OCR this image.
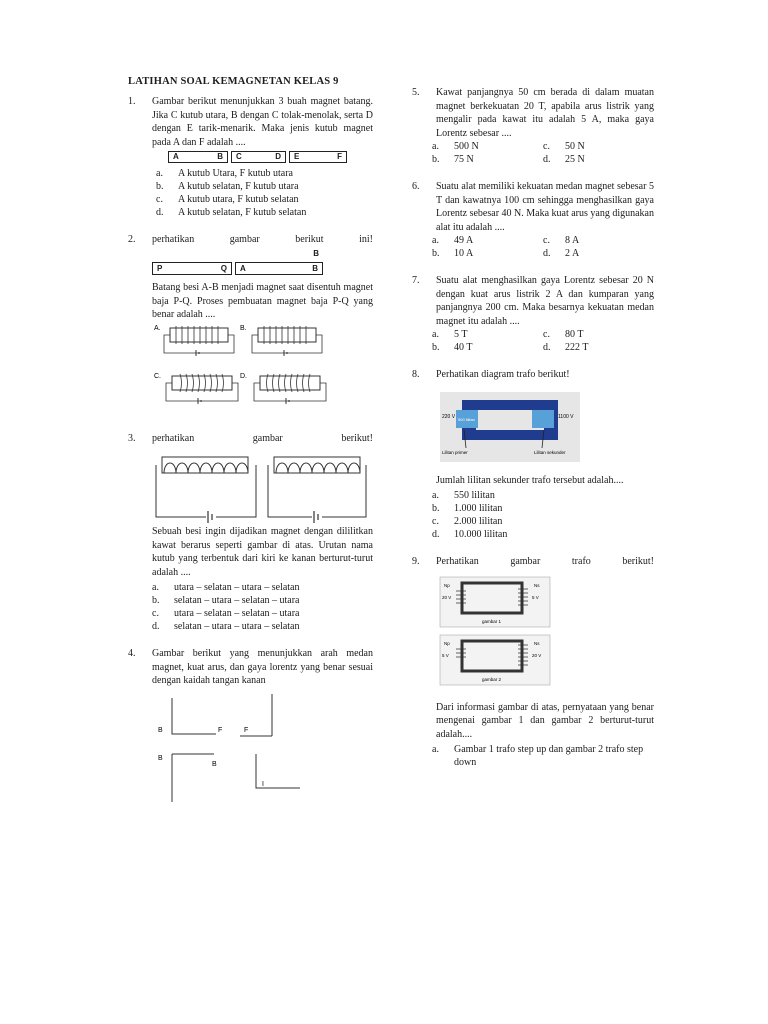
LATIHAN SOAL KEMAGNETAN KELAS 9
1. Gambar berikut menunjukkan 3 buah magnet batang. Jika C kutub utara, B dengan C tolak-menolak, serta D dengan E tarik-menarik. Maka jenis kutub magnet pada A dan F adalah ....
A	B C	D E	F
a.	A kutub Utara, F kutub utara
b.	A kutub selatan, F kutub utara
c.	A kutub utara, F kutub selatan
d.	A kutub selatan, F kutub selatan
2. perhatikan gambar berikut ini!
B
P	Q A	B
Batang besi A-B menjadi magnet saat disentuh magnet baja P-Q. Proses pembuatan magnet baja P-Q yang benar adalah ....
A.	B.
C.	D.
3. perhatikan gambar berikut!
Sebuah besi ingin dijadikan magnet dengan dililitkan kawat berarus seperti gambar di atas. Urutan nama kutub yang terbentuk dari kiri ke kanan berturut-turut adalah ....
a.	utara – selatan – utara – selatan
b.	selatan – utara – selatan – utara
c.	utara – selatan – selatan – utara
d.	selatan – utara – utara – selatan
4. Gambar berikut yang menunjukkan arah medan magnet, kuat arus, dan gaya lorentz yang benar sesuai dengan kaidah tangan kanan
B	F	F
B
B
I
5. Kawat panjangnya 50 cm berada di dalam muatan magnet berkekuatan 20 T, apabila arus listrik yang mengalir pada kawat itu adalah 5 A, maka gaya Lorentz sebesar ....
a.	500 N	c.	50 N
b.	75 N	d.	25 N
6. Suatu alat memiliki kekuatan medan magnet sebesar 5 T dan kawatnya 100 cm sehingga menghasilkan gaya Lorentz sebesar 40 N. Maka kuat arus yang digunakan alat itu adalah ....
a.	49 A	c.	8 A
b.	10 A	d.	2 A
7. Suatu alat menghasilkan gaya Lorentz sebesar 20 N dengan kuat arus listrik 2 A dan kumparan yang panjangnya 200 cm. Maka besarnya kekuatan medan magnet itu adalah ....
a.	5 T	c.	80 T
b.	40 T	d.	222 T
8. Perhatikan diagram trafo berikut!
220 V 500 lilitan	1100 V
Lilitan primer	Lilitan sekunder
Jumlah lilitan sekunder trafo tersebut adalah....
a.	550 lilitan
b.	1.000 lilitan
c.	2.000 lilitan
d.	10.000 lilitan
9. Perhatikan gambar trafo berikut!
Np
20 V	5 V
Ns
gambar 1
Np
5 V	20 V
Ns
gambar 2
Dari informasi gambar di atas, pernyataan yang benar mengenai gambar 1 dan gambar 2 berturut-turut adalah....
a.	Gambar 1 trafo step up dan gambar 2 trafo step down
